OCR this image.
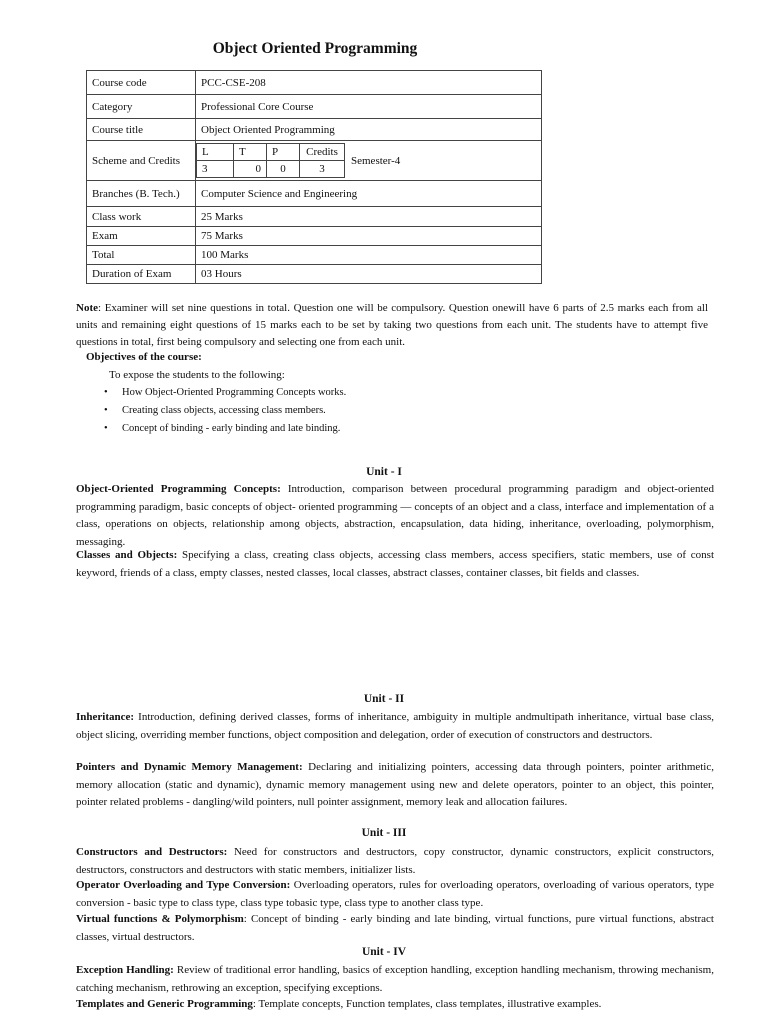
Object Oriented Programming
Course code	PCC-CSE-208
Category	Professional Core Course
Course title	Object Oriented Programming
Scheme and Credits	
L	T	P	Credits
3	0	0	3
Semester-4

Branches (B. Tech.)	Computer Science and Engineering
Class work	25 Marks
Exam	75 Marks
Total	100 Marks
Duration of Exam	03 Hours
Note: Examiner will set nine questions in total. Question one will be compulsory. Question onewill have 6 parts of 2.5 marks each from all units and remaining eight questions of 15 marks each to be set by taking two questions from each unit. The students have to attempt five questions in total, first being compulsory and selecting one from each unit.
Objectives of the course:
To expose the students to the following:
• How Object-Oriented Programming Concepts works.
• Creating class objects, accessing class members.
• Concept of binding - early binding and late binding.
Unit - I
Object-Oriented Programming Concepts: Introduction, comparison between procedural programming paradigm and object-oriented programming paradigm, basic concepts of object- oriented programming — concepts of an object and a class, interface and implementation of a class, operations on objects, relationship among objects, abstraction, encapsulation, data hiding, inheritance, overloading, polymorphism, messaging.
Classes and Objects: Specifying a class, creating class objects, accessing class members, access specifiers, static members, use of const keyword, friends of a class, empty classes, nested classes, local classes, abstract classes, container classes, bit fields and classes.
Unit - II
Inheritance: Introduction, defining derived classes, forms of inheritance, ambiguity in multiple andmultipath inheritance, virtual base class, object slicing, overriding member functions, object composition and delegation, order of execution of constructors and destructors.
Pointers and Dynamic Memory Management: Declaring and initializing pointers, accessing data through pointers, pointer arithmetic, memory allocation (static and dynamic), dynamic memory management using new and delete operators, pointer to an object, this pointer, pointer related problems - dangling/wild pointers, null pointer assignment, memory leak and allocation failures.
Unit - III
Constructors and Destructors: Need for constructors and destructors, copy constructor, dynamic constructors, explicit constructors, destructors, constructors and destructors with static members, initializer lists.
Operator Overloading and Type Conversion: Overloading operators, rules for overloading operators, overloading of various operators, type conversion - basic type to class type, class type tobasic type, class type to another class type.
Virtual functions & Polymorphism: Concept of binding - early binding and late binding, virtual functions, pure virtual functions, abstract classes, virtual destructors.
Unit - IV
Exception Handling: Review of traditional error handling, basics of exception handling, exception handling mechanism, throwing mechanism, catching mechanism, rethrowing an exception, specifying exceptions.
Templates and Generic Programming: Template concepts, Function templates, class templates, illustrative examples.
